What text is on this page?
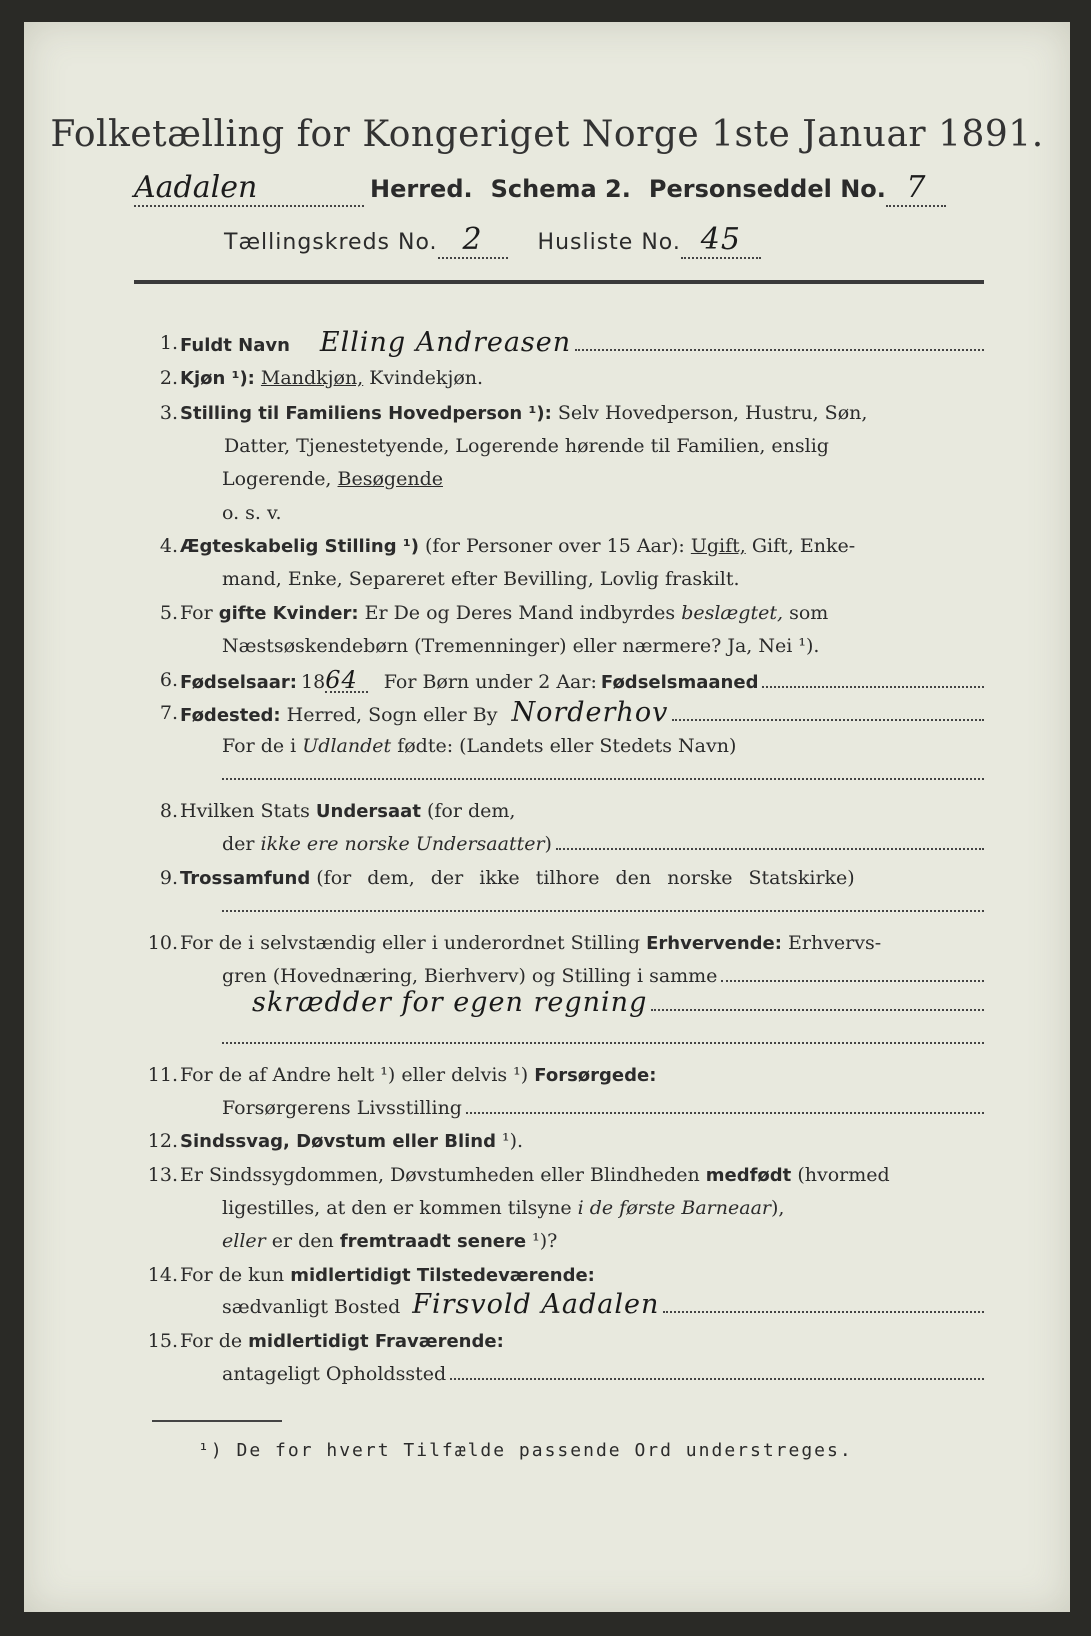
Folketælling for Kongeriget Norge 1ste Januar 1891.
Aadalen	Herred. Schema 2. Personseddel No. 7
Tællingskreds No. 2	Husliste No. 45
1. Fuldt Navn Elling Andreasen
2. Kjøn ¹): Mandkjøn, Kvindekjøn.
3. Stilling til Familiens Hovedperson ¹): Selv Hovedperson, Hustru, Søn,
Datter, Tjenestetyende, Logerende hørende til Familien, enslig
Logerende, Besøgende
o. s. v.
4. Ægteskabelig Stilling ¹) (for Personer over 15 Aar): Ugift, Gift, Enke-
mand, Enke, Separeret efter Bevilling, Lovlig fraskilt.
5. For gifte Kvinder: Er De og Deres Mand indbyrdes beslægtet, som
Næstsøskendebørn (Tremenninger) eller nærmere? Ja, Nei ¹).
6. Fødselsaar: 18 64	For Børn under 2 Aar: Fødselsmaaned
7. Fødested: Herred, Sogn eller By Norderhov
For de i Udlandet fødte: (Landets eller Stedets Navn)
8. Hvilken Stats Undersaat (for dem,
der ikke ere norske Undersaatter )
9. Trossamfund (for dem, der ikke tilhore den norske Statskirke)
10. For de i selvstændig eller i underordnet Stilling Erhvervende: Erhvervs-
gren (Hovednæring, Bierhverv) og Stilling i samme
skrædder for egen regning
11. For de af Andre helt ¹) eller delvis ¹) Forsørgede:
Forsørgerens Livsstilling
12. Sindssvag, Døvstum eller Blind ¹).
13. Er Sindssygdommen, Døvstumheden eller Blindheden medfødt (hvormed
ligestilles, at den er kommen tilsyne i de første Barneaar),
eller er den fremtraadt senere ¹)?
14. For de kun midlertidigt Tilstedeværende:
sædvanligt Bosted Firsvold Aadalen
15. For de midlertidigt Fraværende:
antageligt Opholdssted
¹) De for hvert Tilfælde passende Ord understreges.
